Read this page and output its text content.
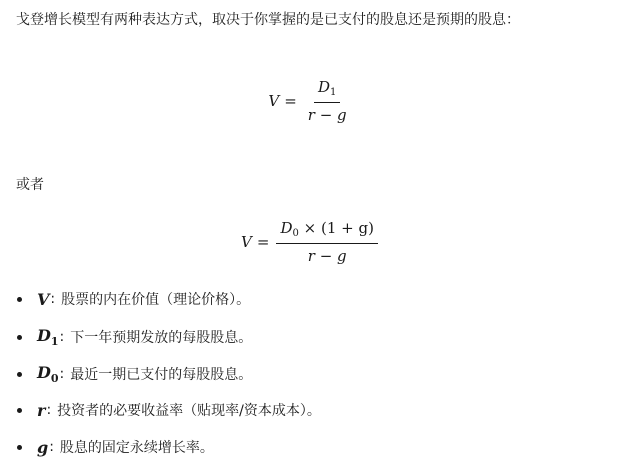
戈登增长模型有两种表达方式，取决于你掌握的是已支付的股息还是预期的股息：

$V = \frac{D_1}{r - g}$

或者

$V = \frac{D_0 \times (1 + g)}{r - g}$
V : 股票的内在价值（理论价格）。
$D_1$ : 下一年预期发放的每股股息。
$D_0$ : 最近一期已支付的每股股息。
r : 投资者的必要收益率（贴现率/资本成本）。
g : 股息的固定永续增长率。
